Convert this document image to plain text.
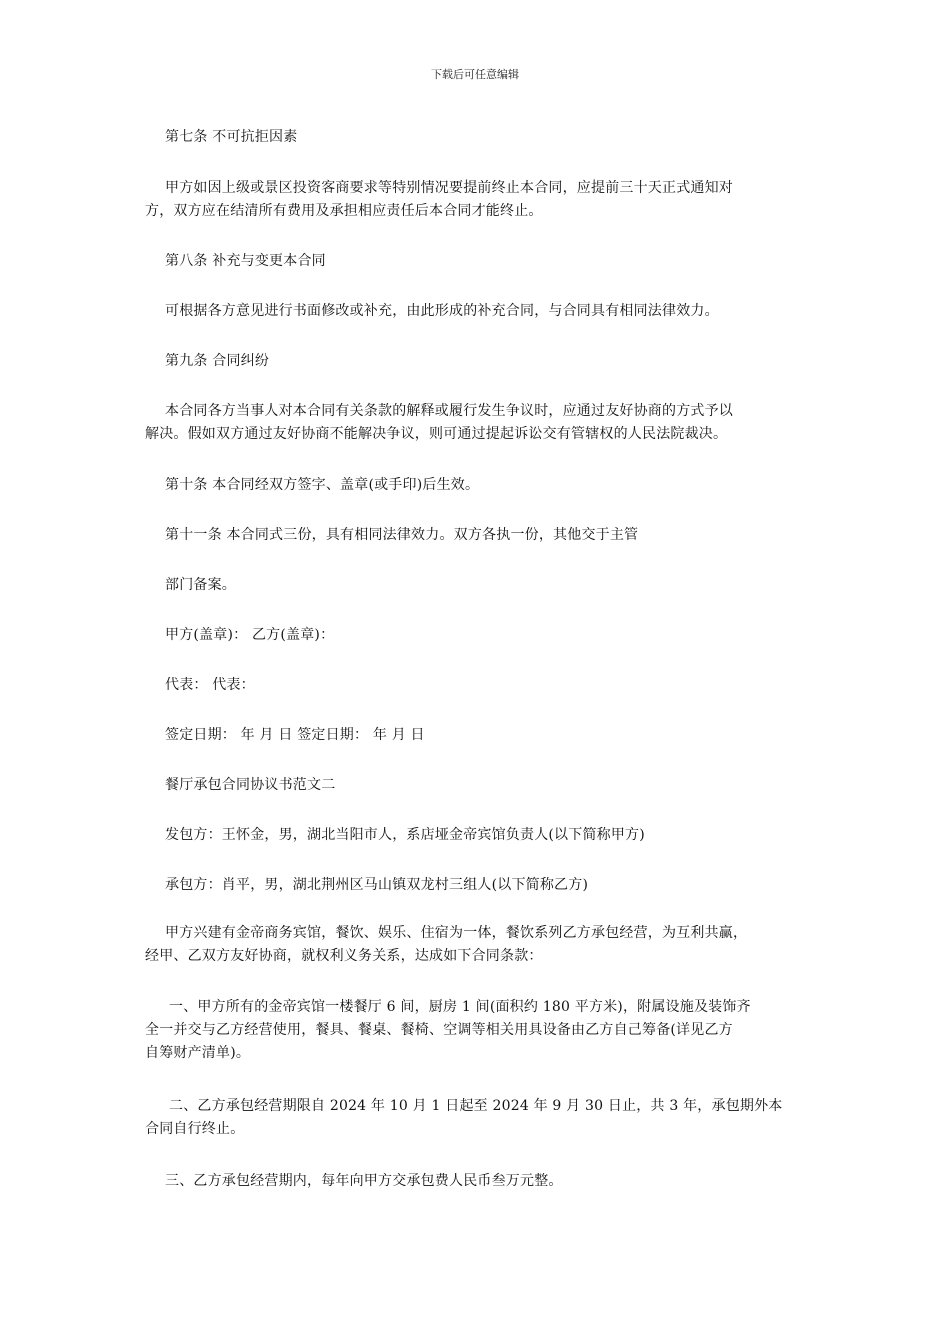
下载后可任意编辑
第七条 不可抗拒因素
甲方如因上级或景区投资客商要求等特别情况要提前终止本合同，应提前三十天正式通知对
方，双方应在结清所有费用及承担相应责任后本合同才能终止。
第八条 补充与变更本合同
可根据各方意见进行书面修改或补充，由此形成的补充合同，与合同具有相同法律效力。
第九条 合同纠纷
本合同各方当事人对本合同有关条款的解释或履行发生争议时，应通过友好协商的方式予以
解决。假如双方通过友好协商不能解决争议，则可通过提起诉讼交有管辖权的人民法院裁决。
第十条 本合同经双方签字、盖章(或手印)后生效。
第十一条 本合同式三份，具有相同法律效力。双方各执一份，其他交于主管
部门备案。
甲方(盖章)： 乙方(盖章)：
代表： 代表：
签定日期： 年 月 日 签定日期： 年 月 日
餐厅承包合同协议书范文二
发包方：王怀金，男，湖北当阳市人，系店垭金帝宾馆负责人(以下简称甲方)
承包方：肖平，男，湖北荆州区马山镇双龙村三组人(以下简称乙方)
甲方兴建有金帝商务宾馆，餐饮、娱乐、住宿为一体，餐饮系列乙方承包经营，为互利共赢，
经甲、乙双方友好协商，就权利义务关系，达成如下合同条款：
一、甲方所有的金帝宾馆一楼餐厅 6 间，厨房 1 间(面积约 180 平方米)，附属设施及装饰齐
全一并交与乙方经营使用，餐具、餐桌、餐椅、空调等相关用具设备由乙方自己筹备(详见乙方
自筹财产清单)。
二、乙方承包经营期限自 2024 年 10 月 1 日起至 2024 年 9 月 30 日止，共 3 年，承包期外本
合同自行终止。
三、乙方承包经营期内，每年向甲方交承包费人民币叁万元整。
